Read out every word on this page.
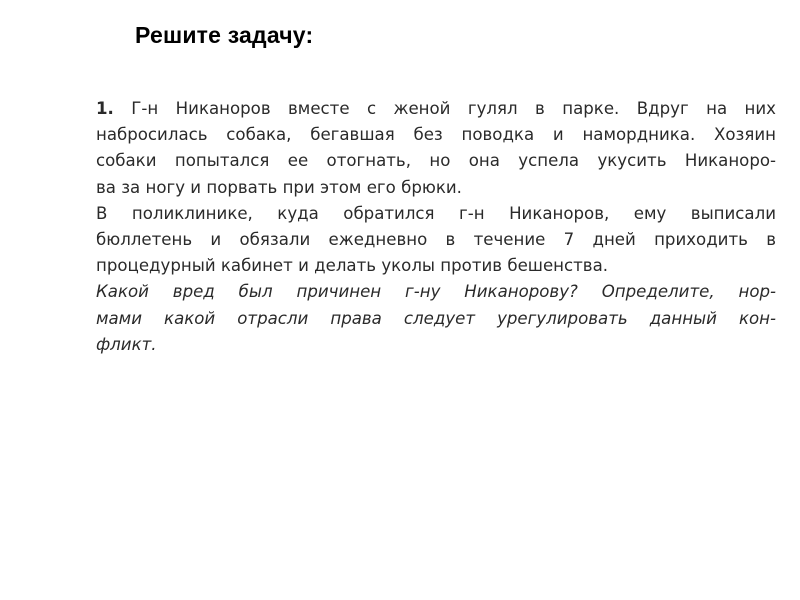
Решите задачу:
1. Г-н Никаноров вместе с женой гулял в парке. Вдруг на них
набросилась собака, бегавшая без поводка и намордника. Хозяин
собаки попытался ее отогнать, но она успела укусить Никаноро-
ва за ногу и порвать при этом его брюки.
В поликлинике, куда обратился г-н Никаноров, ему выписали
бюллетень и обязали ежедневно в течение 7 дней приходить в
процедурный кабинет и делать уколы против бешенства.
Какой вред был причинен г-ну Никанорову? Определите, нор-
мами какой отрасли права следует урегулировать данный кон-
фликт.
